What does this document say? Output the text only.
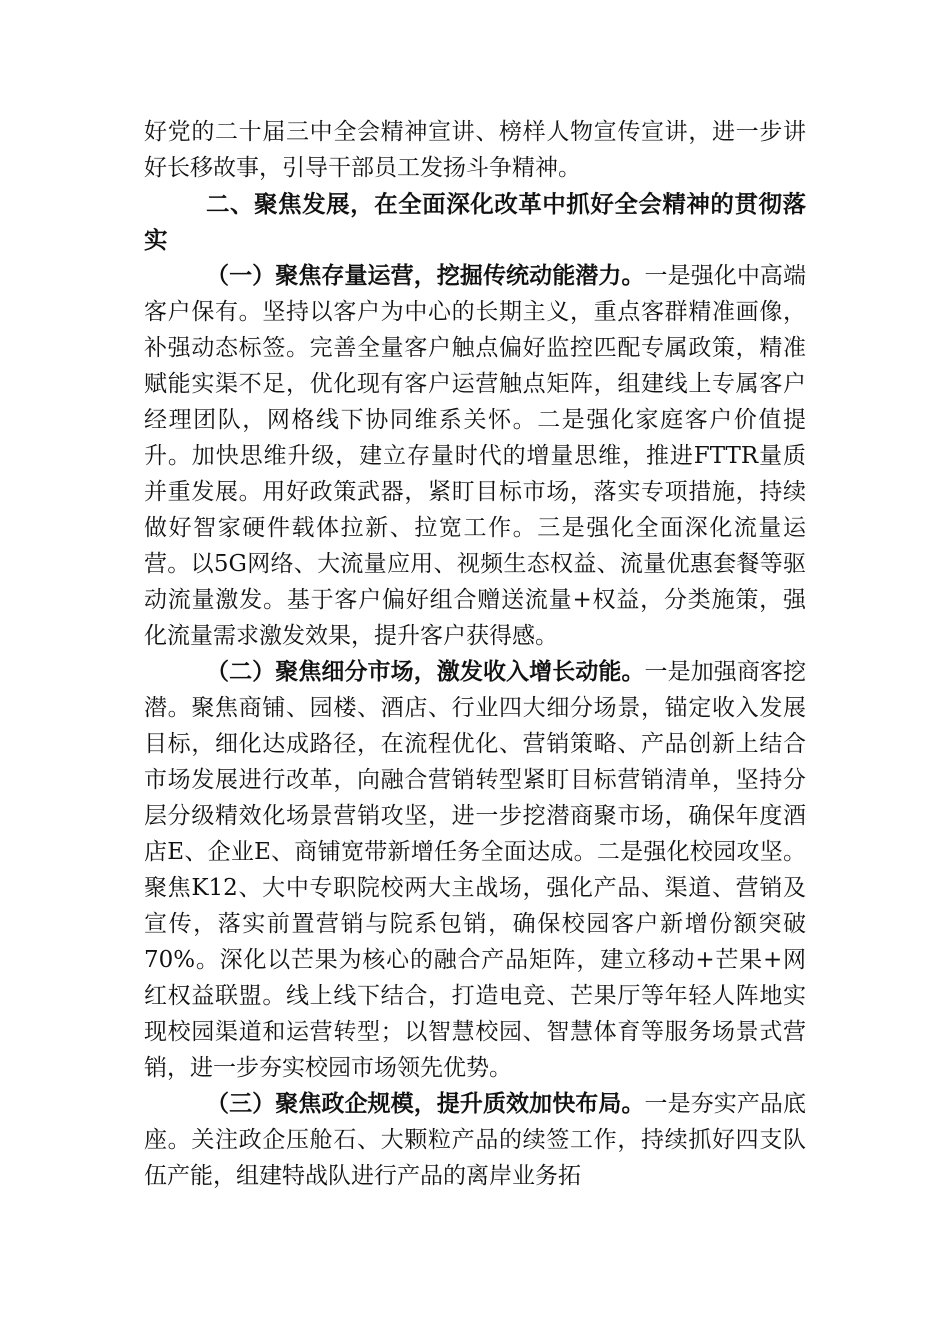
好党的二十届三中全会精神宣讲、榜样人物宣传宣讲，进一步讲好长移故事，引导干部员工发扬斗争精神。

二、聚焦发展，在全面深化改革中抓好全会精神的贯彻落实

（一）聚焦存量运营，挖掘传统动能潜力。一是强化中高端客户保有。坚持以客户为中心的长期主义，重点客群精准画像，补强动态标签。完善全量客户触点偏好监控匹配专属政策，精准赋能实渠不足，优化现有客户运营触点矩阵，组建线上专属客户经理团队，网格线下协同维系关怀。二是强化家庭客户价值提升。加快思维升级，建立存量时代的增量思维，推进FTTR量质并重发展。用好政策武器，紧盯目标市场，落实专项措施，持续做好智家硬件载体拉新、拉宽工作。三是强化全面深化流量运营。以5G网络、大流量应用、视频生态权益、流量优惠套餐等驱动流量激发。基于客户偏好组合赠送流量+权益，分类施策，强化流量需求激发效果，提升客户获得感。

（二）聚焦细分市场，激发收入增长动能。一是加强商客挖潜。聚焦商铺、园楼、酒店、行业四大细分场景，锚定收入发展目标，细化达成路径，在流程优化、营销策略、产品创新上结合市场发展进行改革，向融合营销转型紧盯目标营销清单，坚持分层分级精效化场景营销攻坚，进一步挖潜商聚市场，确保年度酒店E、企业E、商铺宽带新增任务全面达成。二是强化校园攻坚。聚焦K12、大中专职院校两大主战场，强化产品、渠道、营销及宣传，落实前置营销与院系包销，确保校园客户新增份额突破70%。深化以芒果为核心的融合产品矩阵，建立移动+芒果+网红权益联盟。线上线下结合，打造电竞、芒果厅等年轻人阵地实现校园渠道和运营转型；以智慧校园、智慧体育等服务场景式营销，进一步夯实校园市场领先优势。

（三）聚焦政企规模，提升质效加快布局。一是夯实产品底座。关注政企压舱石、大颗粒产品的续签工作，持续抓好四支队伍产能，组建特战队进行产品的离岸业务拓
